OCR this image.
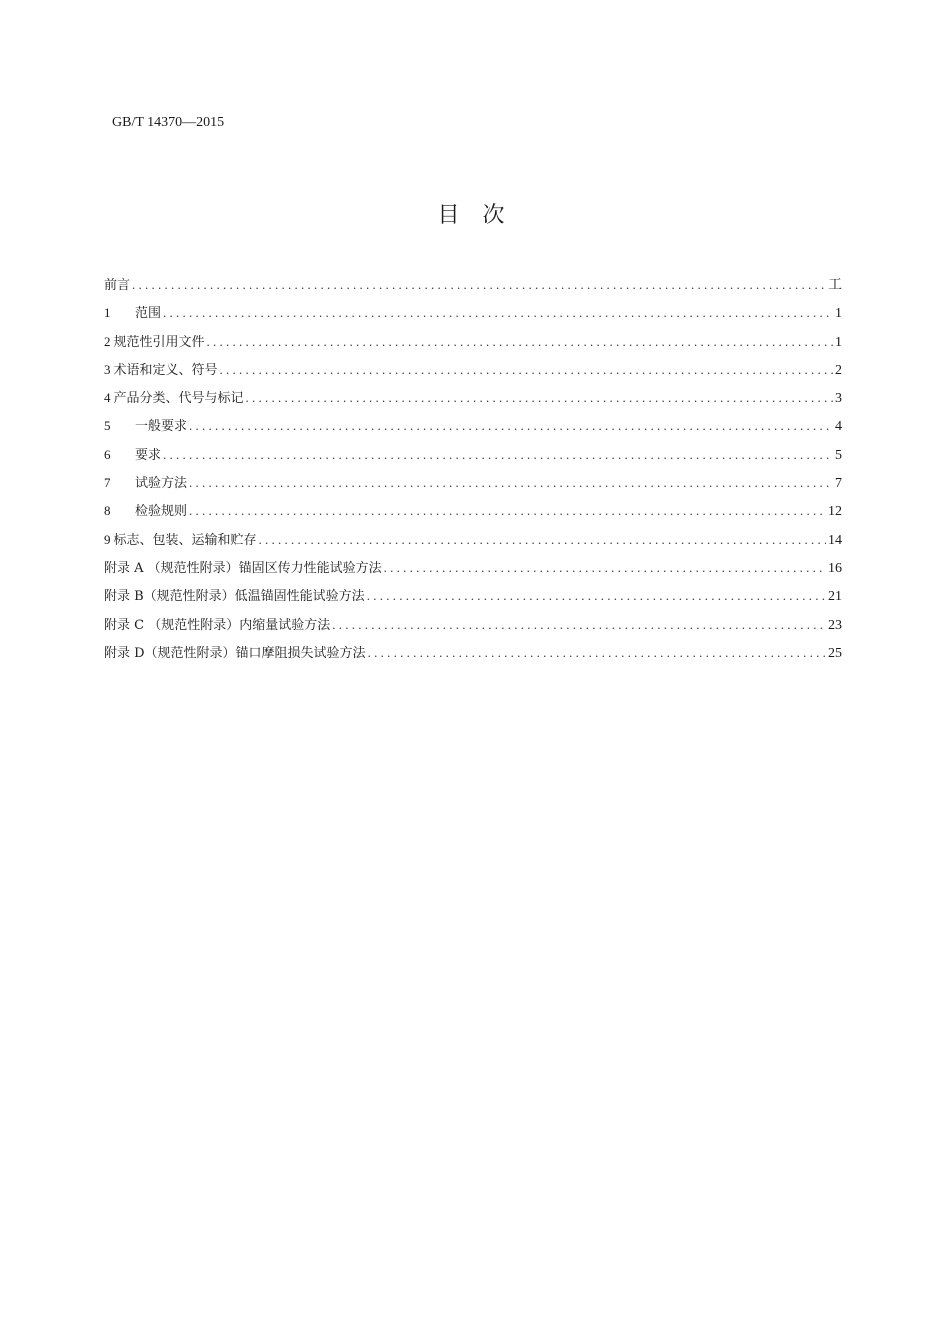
GB/T 14370—2015
目 次
前言 . . .	工
1	范围 . . .	1
2 规范性引用文件 . . .	1
3 术语和定义、符号 . . .	2
4 产品分类、代号与标记 . . .	3
5	一般要求 . . .	4
6	要求 . . .	5
7	试验方法 . . .	7
8	检验规则 . . .	12
9 标志、包装、运输和贮存 . . .	14
附录 A （规范性附录）锚固区传力性能试验方法 . . .	16
附录 B（规范性附录）低温锚固性能试验方法 . . .	21
附录 C （规范性附录）内缩量试验方法 . . .	23
附录 D（规范性附录）锚口摩阻损失试验方法 . . .	25
